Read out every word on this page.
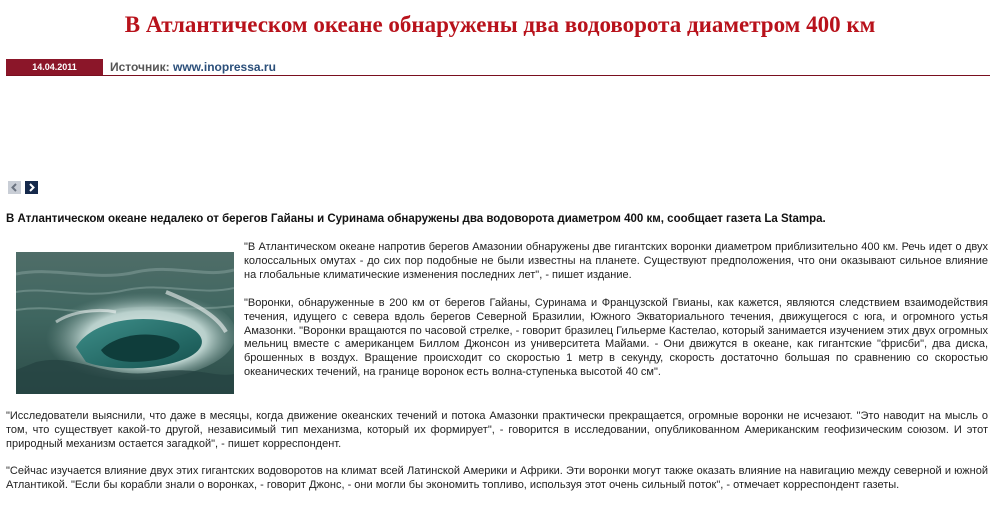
В Атлантическом океане обнаружены два водоворота диаметром 400 км
14.04.2011	Источник: www.inopressa.ru

В Атлантическом океане недалеко от берегов Гайаны и Суринама обнаружены два водоворота диаметром 400 км, сообщает газета La Stampa.

"В Атлантическом океане напротив берегов Амазонии обнаружены две гигантских воронки диаметром приблизительно 400 км. Речь идет о двух колоссальных омутах - до сих пор подобные не были известны на планете. Существуют предположения, что они оказывают сильное влияние на глобальные климатические изменения последних лет", - пишет издание.

"Воронки, обнаруженные в 200 км от берегов Гайаны, Суринама и Французской Гвианы, как кажется, являются следствием взаимодействия течения, идущего с севера вдоль берегов Северной Бразилии, Южного Экваториального течения, движущегося с юга, и огромного устья Амазонки. "Воронки вращаются по часовой стрелке, - говорит бразилец Гильерме Кастелао, который занимается изучением этих двух огромных мельниц вместе с американцем Биллом Джонсон из университета Майами. - Они движутся в океане, как гигантские "фрисби", два диска, брошенных в воздух. Вращение происходит со скоростью 1 метр в секунду, скорость достаточно большая по сравнению со скоростью океанических течений, на границе воронок есть волна-ступенька высотой 40 см".

"Исследователи выяснили, что даже в месяцы, когда движение океанских течений и потока Амазонки практически прекращается, огромные воронки не исчезают. "Это наводит на мысль о том, что существует какой-то другой, независимый тип механизма, который их формирует", - говорится в исследовании, опубликованном Американским геофизическим союзом. И этот природный механизм остается загадкой", - пишет корреспондент.

"Сейчас изучается влияние двух этих гигантских водоворотов на климат всей Латинской Америки и Африки. Эти воронки могут также оказать влияние на навигацию между северной и южной Атлантикой. "Если бы корабли знали о воронках, - говорит Джонс, - они могли бы экономить топливо, используя этот очень сильный поток", - отмечает корреспондент газеты.
